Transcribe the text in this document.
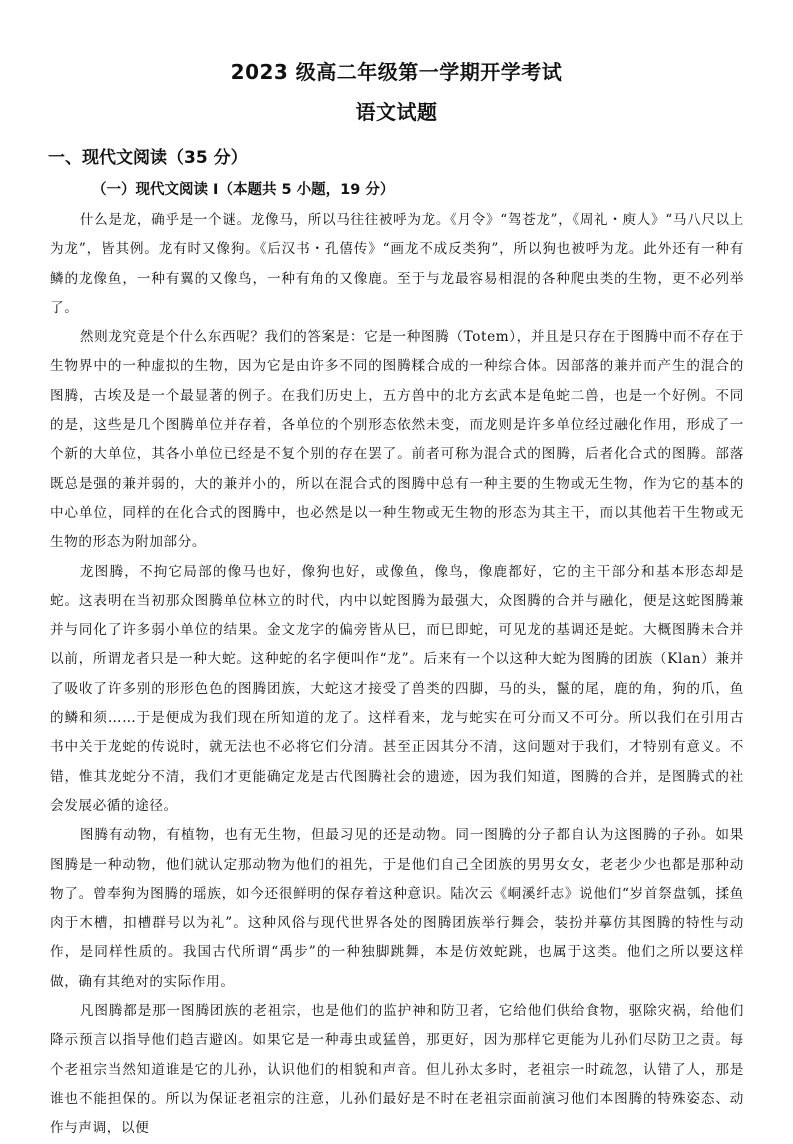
2023 级高二年级第一学期开学考试
语文试题
一、现代文阅读（35 分）
（一）现代文阅读 I（本题共 5 小题，19 分）

什么是龙，确乎是一个谜。龙像马，所以马往往被呼为龙。《月令》“驾苍龙”，《周礼・庾人》“马八尺以上为龙”，皆其例。龙有时又像狗。《后汉书・孔僖传》“画龙不成反类狗”，所以狗也被呼为龙。此外还有一种有鳞的龙像鱼，一种有翼的又像鸟，一种有角的又像鹿。至于与龙最容易相混的各种爬虫类的生物，更不必列举了。

然则龙究竟是个什么东西呢？我们的答案是：它是一种图腾（Totem），并且是只存在于图腾中而不存在于生物界中的一种虚拟的生物，因为它是由许多不同的图腾糅合成的一种综合体。因部落的兼并而产生的混合的图腾，古埃及是一个最显著的例子。在我们历史上，五方兽中的北方玄武本是龟蛇二兽，也是一个好例。不同的是，这些是几个图腾单位并存着，各单位的个别形态依然未变，而龙则是许多单位经过融化作用，形成了一个新的大单位，其各小单位已经是不复个别的存在罢了。前者可称为混合式的图腾，后者化合式的图腾。部落既总是强的兼并弱的，大的兼并小的，所以在混合式的图腾中总有一种主要的生物或无生物，作为它的基本的中心单位，同样的在化合式的图腾中，也必然是以一种生物或无生物的形态为其主干，而以其他若干生物或无生物的形态为附加部分。

龙图腾，不拘它局部的像马也好，像狗也好，或像鱼，像鸟，像鹿都好，它的主干部分和基本形态却是蛇。这表明在当初那众图腾单位林立的时代，内中以蛇图腾为最强大，众图腾的合并与融化，便是这蛇图腾兼并与同化了许多弱小单位的结果。金文龙字的偏旁皆从巳，而巳即蛇，可见龙的基调还是蛇。大概图腾未合并以前，所谓龙者只是一种大蛇。这种蛇的名字便叫作“龙”。后来有一个以这种大蛇为图腾的团族（Klan）兼并了吸收了许多别的形形色色的图腾团族，大蛇这才接受了兽类的四脚，马的头，鬣的尾，鹿的角，狗的爪，鱼的鳞和须……于是便成为我们现在所知道的龙了。这样看来，龙与蛇实在可分而又不可分。所以我们在引用古书中关于龙蛇的传说时，就无法也不必将它们分清。甚至正因其分不清，这问题对于我们，才特别有意义。不错，惟其龙蛇分不清，我们才更能确定龙是古代图腾社会的遗迹，因为我们知道，图腾的合并，是图腾式的社会发展必循的途径。

图腾有动物，有植物，也有无生物，但最习见的还是动物。同一图腾的分子都自认为这图腾的子孙。如果图腾是一种动物，他们就认定那动物为他们的祖先，于是他们自己全团族的男男女女，老老少少也都是那种动物了。曾奉狗为图腾的瑶族，如今还很鲜明的保存着这种意识。陆次云《峒溪纤志》说他们“岁首祭盘瓠，揉鱼肉于木槽，扣槽群号以为礼”。这种风俗与现代世界各处的图腾团族举行舞会，装扮并摹仿其图腾的特性与动作，是同样性质的。我国古代所谓“禹步”的一种独脚跳舞，本是仿效蛇跳，也属于这类。他们之所以要这样做，确有其绝对的实际作用。

凡图腾都是那一图腾团族的老祖宗，也是他们的监护神和防卫者，它给他们供给食物，驱除灾祸，给他们降示预言以指导他们趋吉避凶。如果它是一种毒虫或猛兽，那更好，因为那样它更能为儿孙们尽防卫之责。每个老祖宗当然知道谁是它的儿孙，认识他们的相貌和声音。但儿孙太多时，老祖宗一时疏忽，认错了人，那是谁也不能担保的。所以为保证老祖宗的注意，儿孙们最好是不时在老祖宗面前演习他们本图腾的特殊姿态、动作与声调，以便
